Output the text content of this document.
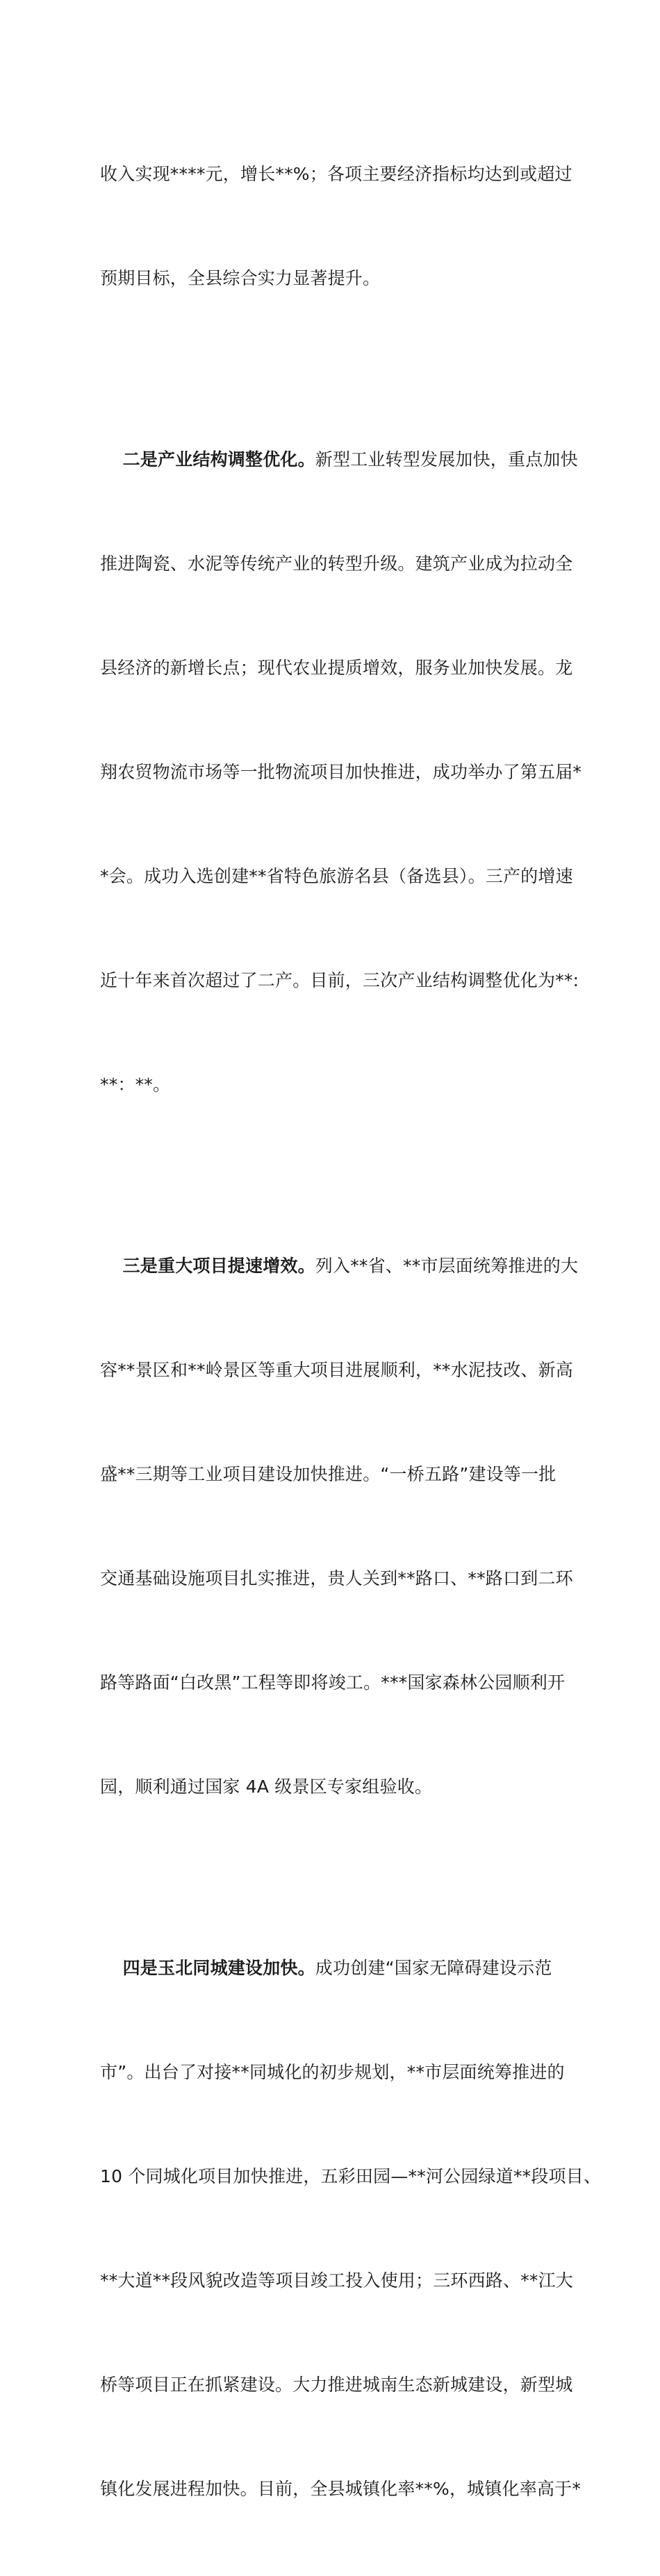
收入实现****元，增长**%；各项主要经济指标均达到或超过

预期目标，全县综合实力显著提升。

二是产业结构调整优化。新型工业转型发展加快，重点加快

推进陶瓷、水泥等传统产业的转型升级。建筑产业成为拉动全

县经济的新增长点；现代农业提质增效，服务业加快发展。龙

翔农贸物流市场等一批物流项目加快推进，成功举办了第五届*

*会。成功入选创建**省特色旅游名县（备选县）。三产的增速

近十年来首次超过了二产。目前，三次产业结构调整优化为**:

**：**。

三是重大项目提速增效。列入**省、**市层面统筹推进的大

容**景区和**岭景区等重大项目进展顺利，**水泥技改、新高

盛**三期等工业项目建设加快推进。“一桥五路”建设等一批

交通基础设施项目扎实推进，贵人关到**路口、**路口到二环

路等路面“白改黑”工程等即将竣工。***国家森林公园顺利开

园，顺利通过国家 4A 级景区专家组验收。

四是玉北同城建设加快。成功创建“国家无障碍建设示范

市”。出台了对接**同城化的初步规划，**市层面统筹推进的

10 个同城化项目加快推进，五彩田园—**河公园绿道**段项目、

**大道**段风貌改造等项目竣工投入使用；三环西路、**江大

桥等项目正在抓紧建设。大力推进城南生态新城建设，新型城

镇化发展进程加快。目前，全县城镇化率**%，城镇化率高于*
